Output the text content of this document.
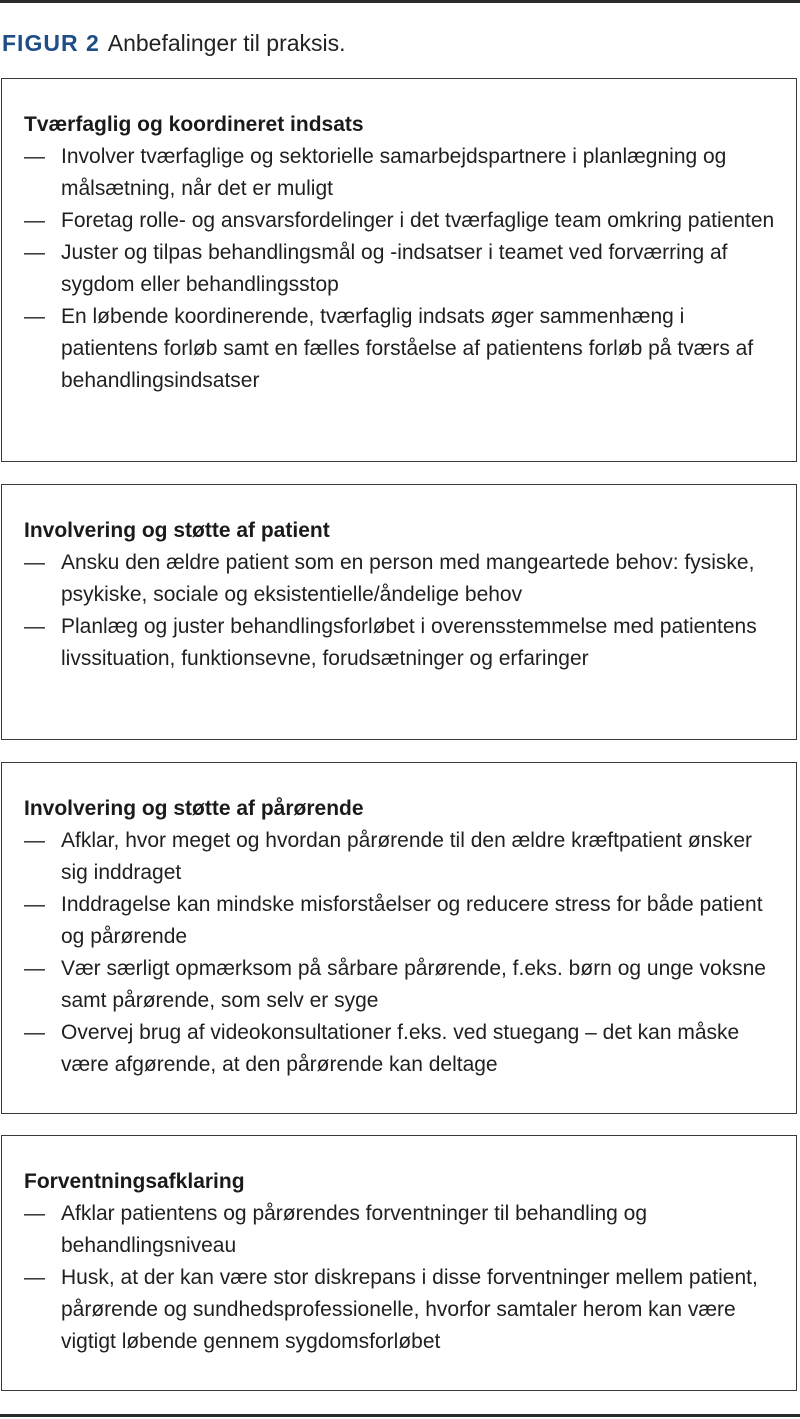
FIGUR 2 Anbefalinger til praksis.
Tværfaglig og koordineret indsats
— Involver tværfaglige og sektorielle samarbejdspartnere i planlægning og målsætning, når det er muligt
— Foretag rolle- og ansvarsfordelinger i det tværfaglige team omkring patienten
— Juster og tilpas behandlingsmål og -indsatser i teamet ved forværring af sygdom eller behandlingsstop
— En løbende koordinerende, tværfaglig indsats øger sammenhæng i patientens forløb samt en fælles forståelse af patientens forløb på tværs af behandlingsindsatser
Involvering og støtte af patient
— Ansku den ældre patient som en person med mangeartede behov: fysiske, psykiske, sociale og eksistentielle/åndelige behov
— Planlæg og juster behandlingsforløbet i overensstemmelse med patientens livssituation, funktionsevne, forudsætninger og erfaringer
Involvering og støtte af pårørende
— Afklar, hvor meget og hvordan pårørende til den ældre kræftpatient ønsker sig inddraget
— Inddragelse kan mindske misforståelser og reducere stress for både patient og pårørende
— Vær særligt opmærksom på sårbare pårørende, f.eks. børn og unge voksne samt pårørende, som selv er syge
— Overvej brug af videokonsultationer f.eks. ved stuegang – det kan måske være afgørende, at den pårørende kan deltage
Forventningsafklaring
— Afklar patientens og pårørendes forventninger til behandling og behandlingsniveau
— Husk, at der kan være stor diskrepans i disse forventninger mellem patient, pårørende og sundhedsprofessionelle, hvorfor samtaler herom kan være vigtigt løbende gennem sygdomsforløbet
